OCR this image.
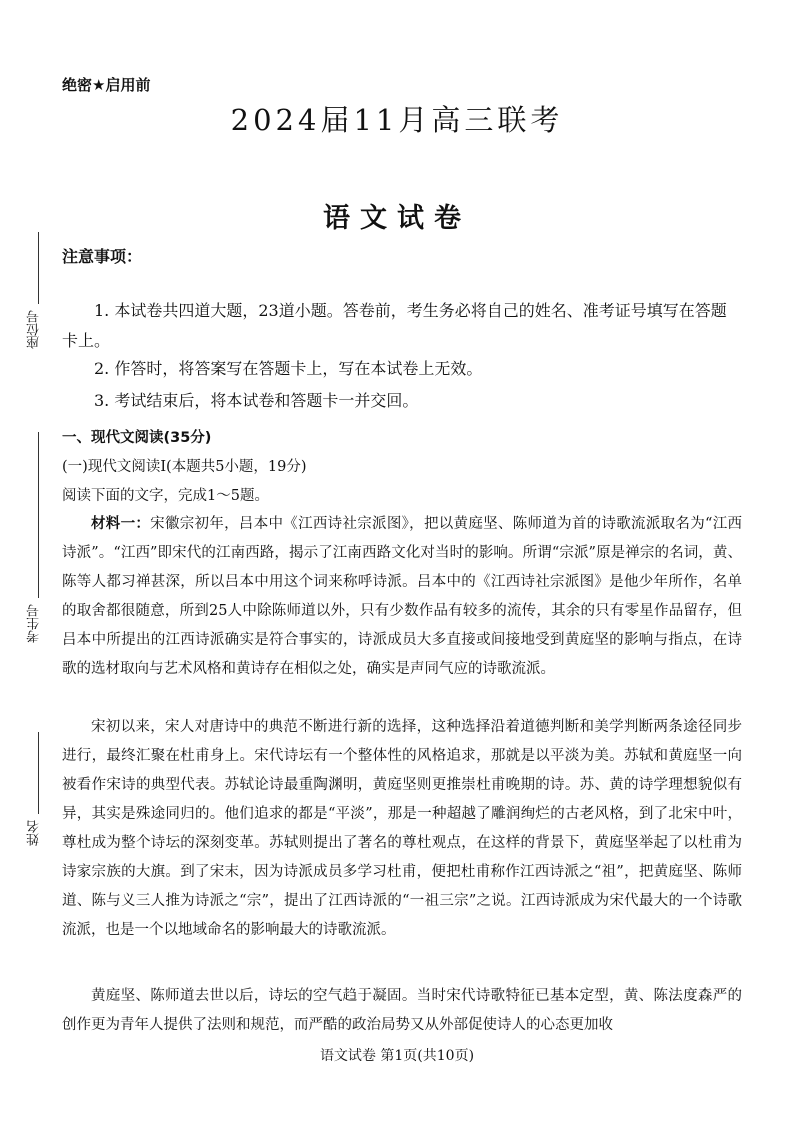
座位号
考生号
姓名
绝密★启用前
2024届11月高三联考
语文试卷
注意事项：
1. 本试卷共四道大题，23道小题。答卷前，考生务必将自己的姓名、准考证号填写在答题卡上。
2. 作答时，将答案写在答题卡上，写在本试卷上无效。
3. 考试结束后，将本试卷和答题卡一并交回。
一、现代文阅读(35分)
(一)现代文阅读Ⅰ(本题共5小题，19分)
阅读下面的文字，完成1～5题。
材料一：宋徽宗初年，吕本中《江西诗社宗派图》，把以黄庭坚、陈师道为首的诗歌流派取名为“江西诗派”。“江西”即宋代的江南西路，揭示了江南西路文化对当时的影响。所谓“宗派”原是禅宗的名词，黄、陈等人都习禅甚深，所以吕本中用这个词来称呼诗派。吕本中的《江西诗社宗派图》是他少年所作，名单的取舍都很随意，所到25人中除陈师道以外，只有少数作品有较多的流传，其余的只有零星作品留存，但吕本中所提出的江西诗派确实是符合事实的，诗派成员大多直接或间接地受到黄庭坚的影响与指点，在诗歌的选材取向与艺术风格和黄诗存在相似之处，确实是声同气应的诗歌流派。
宋初以来，宋人对唐诗中的典范不断进行新的选择，这种选择沿着道德判断和美学判断两条途径同步进行，最终汇聚在杜甫身上。宋代诗坛有一个整体性的风格追求，那就是以平淡为美。苏轼和黄庭坚一向被看作宋诗的典型代表。苏轼论诗最重陶渊明，黄庭坚则更推崇杜甫晚期的诗。苏、黄的诗学理想貌似有异，其实是殊途同归的。他们追求的都是“平淡”，那是一种超越了雕润绚烂的古老风格，到了北宋中叶，尊杜成为整个诗坛的深刻变革。苏轼则提出了著名的尊杜观点，在这样的背景下，黄庭坚举起了以杜甫为诗家宗族的大旗。到了宋末，因为诗派成员多学习杜甫，便把杜甫称作江西诗派之“祖”，把黄庭坚、陈师道、陈与义三人推为诗派之“宗”，提出了江西诗派的“一祖三宗”之说。江西诗派成为宋代最大的一个诗歌流派，也是一个以地域命名的影响最大的诗歌流派。
黄庭坚、陈师道去世以后，诗坛的空气趋于凝固。当时宋代诗歌特征已基本定型，黄、陈法度森严的创作更为青年人提供了法则和规范，而严酷的政治局势又从外部促使诗人的心态更加收
语文试卷 第1页(共10页)
